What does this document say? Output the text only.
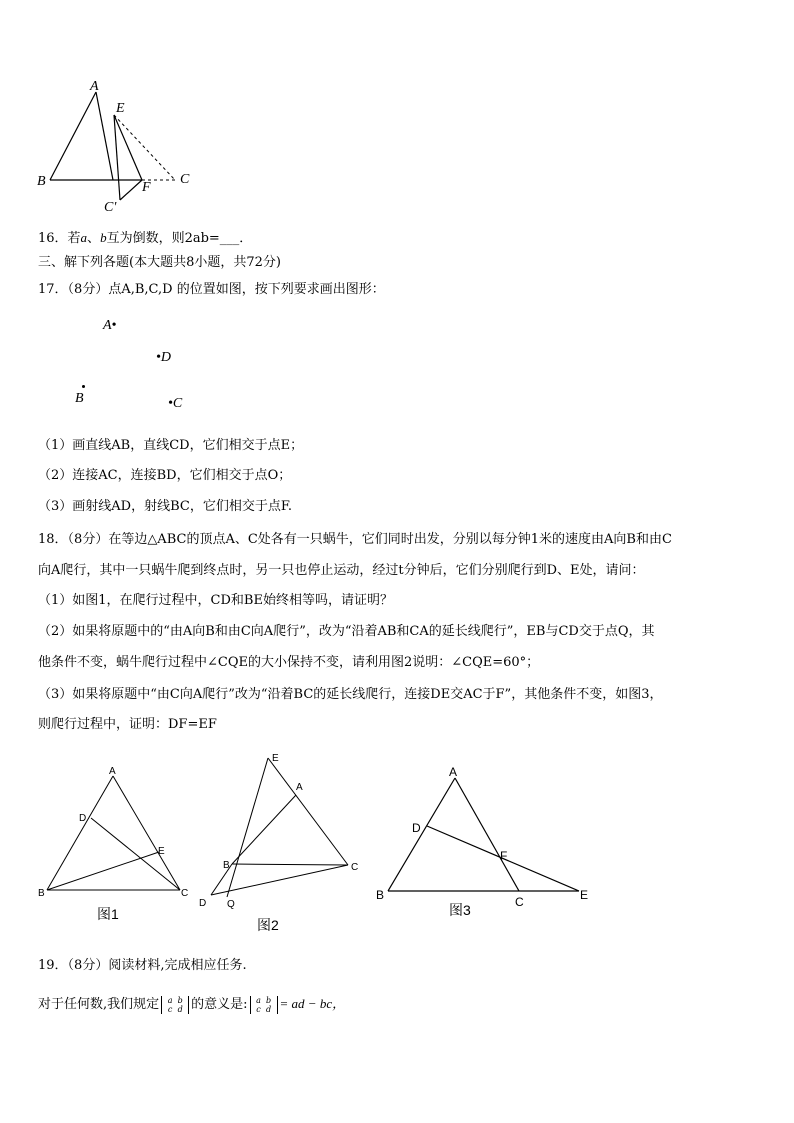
A
E
B	C
F
C'
16．若a、b互为倒数，则2ab=___．
三、解下列各题(本大题共8小题，共72分)
17．（8分）点A,B,C,D 的位置如图，按下列要求画出图形：
A•
•D
B	•C
（1）画直线AB，直线CD，它们相交于点E；
（2）连接AC，连接BD，它们相交于点O；
（3）画射线AD，射线BC，它们相交于点F.
18．（8分）在等边△ABC的顶点A、C处各有一只蜗牛，它们同时出发，分别以每分钟1米的速度由A向B和由C
向A爬行，其中一只蜗牛爬到终点时，另一只也停止运动，经过t分钟后，它们分别爬行到D、E处，请问：
（1）如图1，在爬行过程中，CD和BE始终相等吗，请证明？
（2）如果将原题中的“由A向B和由C向A爬行”，改为“沿着AB和CA的延长线爬行”，EB与CD交于点Q，其
他条件不变，蜗牛爬行过程中∠CQE的大小保持不变，请利用图2说明：∠CQE=60°；
（3）如果将原题中“由C向A爬行”改为“沿着BC的延长线爬行，连接DE交AC于F”，其他条件不变，如图3，
则爬行过程中，证明：DF=EF
A
D
E
B	C
图1
E
A
B	C
D Q
图2
A
D
F
B	C	E
图3
19．（8分）阅读材料,完成相应任务.
对于任何数,我们规定 a b
c d 的意义是: a b
c d = ad − bc，
